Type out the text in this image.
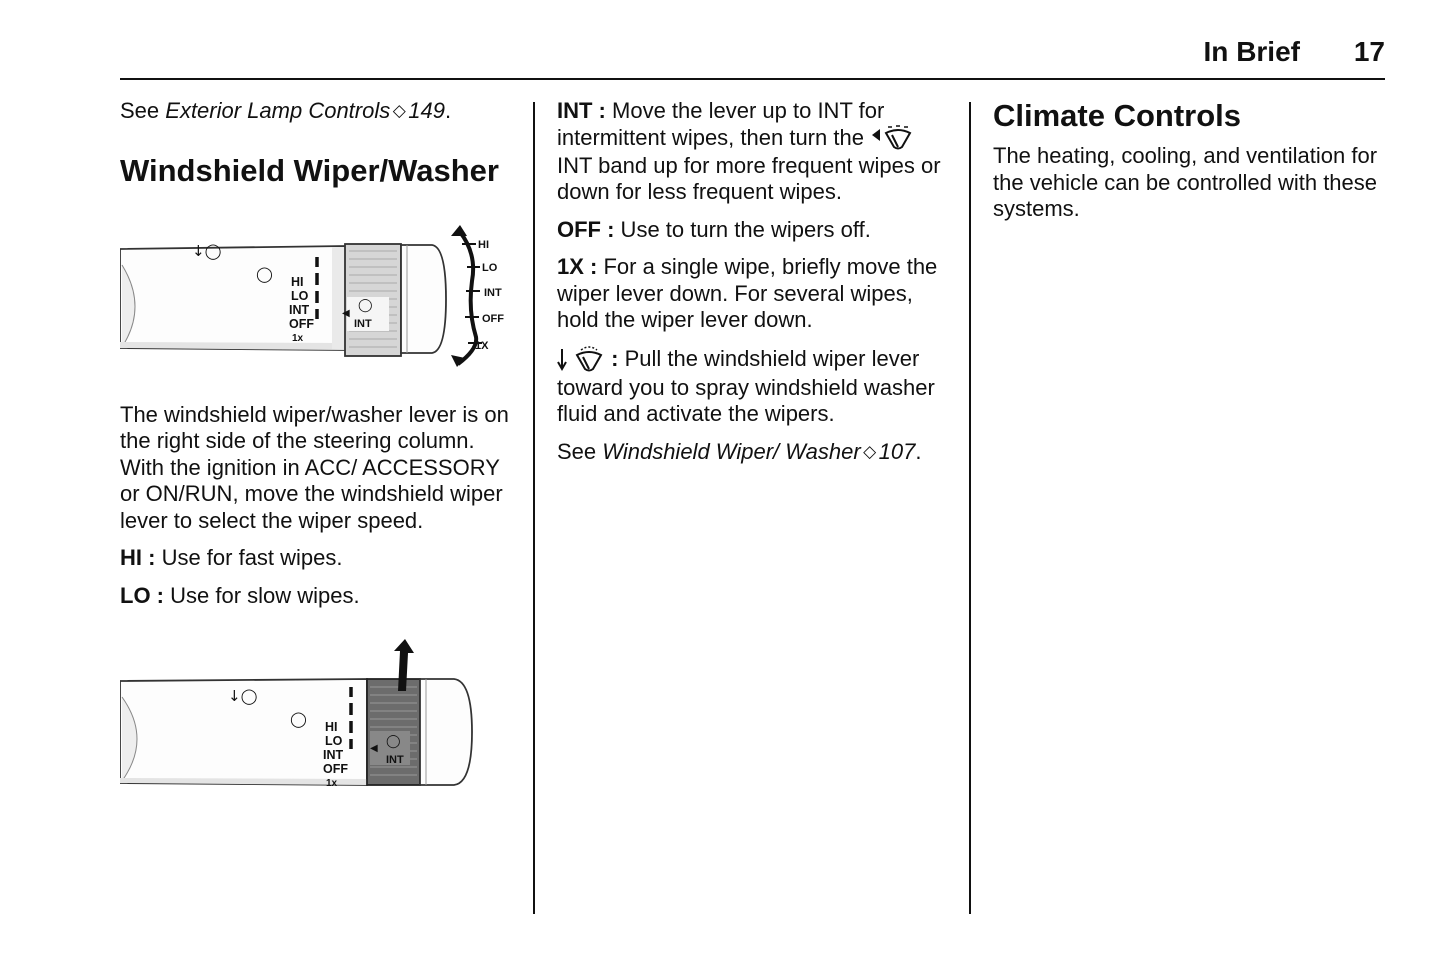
In Brief 17

See Exterior Lamp Controls ◇ 149.

Windshield Wiper/Washer
↓◯
◯ HI
LO
INT
OFF
1x
INT
◀
◯
HI
LO
INT
OFF
1X

The windshield wiper/washer lever is on the right side of the steering column. With the ignition in ACC/ ACCESSORY or ON/RUN, move the windshield wiper lever to select the wiper speed.

HI : Use for fast wipes.

LO : Use for slow wipes.

↓◯
◯ HI
LO
INT
OFF
1x
INT
◀ ◯

INT : Move the lever up to INT for intermittent wipes, then turn the  INT band up for more frequent wipes or down for less frequent wipes.

OFF : Use to turn the wipers off.

1X : For a single wipe, briefly move the wiper lever down. For several wipes, hold the wiper lever down.

: Pull the windshield wiper lever toward you to spray windshield washer fluid and activate the wipers.

See Windshield Wiper/ Washer ◇ 107.

Climate Controls

The heating, cooling, and ventilation for the vehicle can be controlled with these systems.
